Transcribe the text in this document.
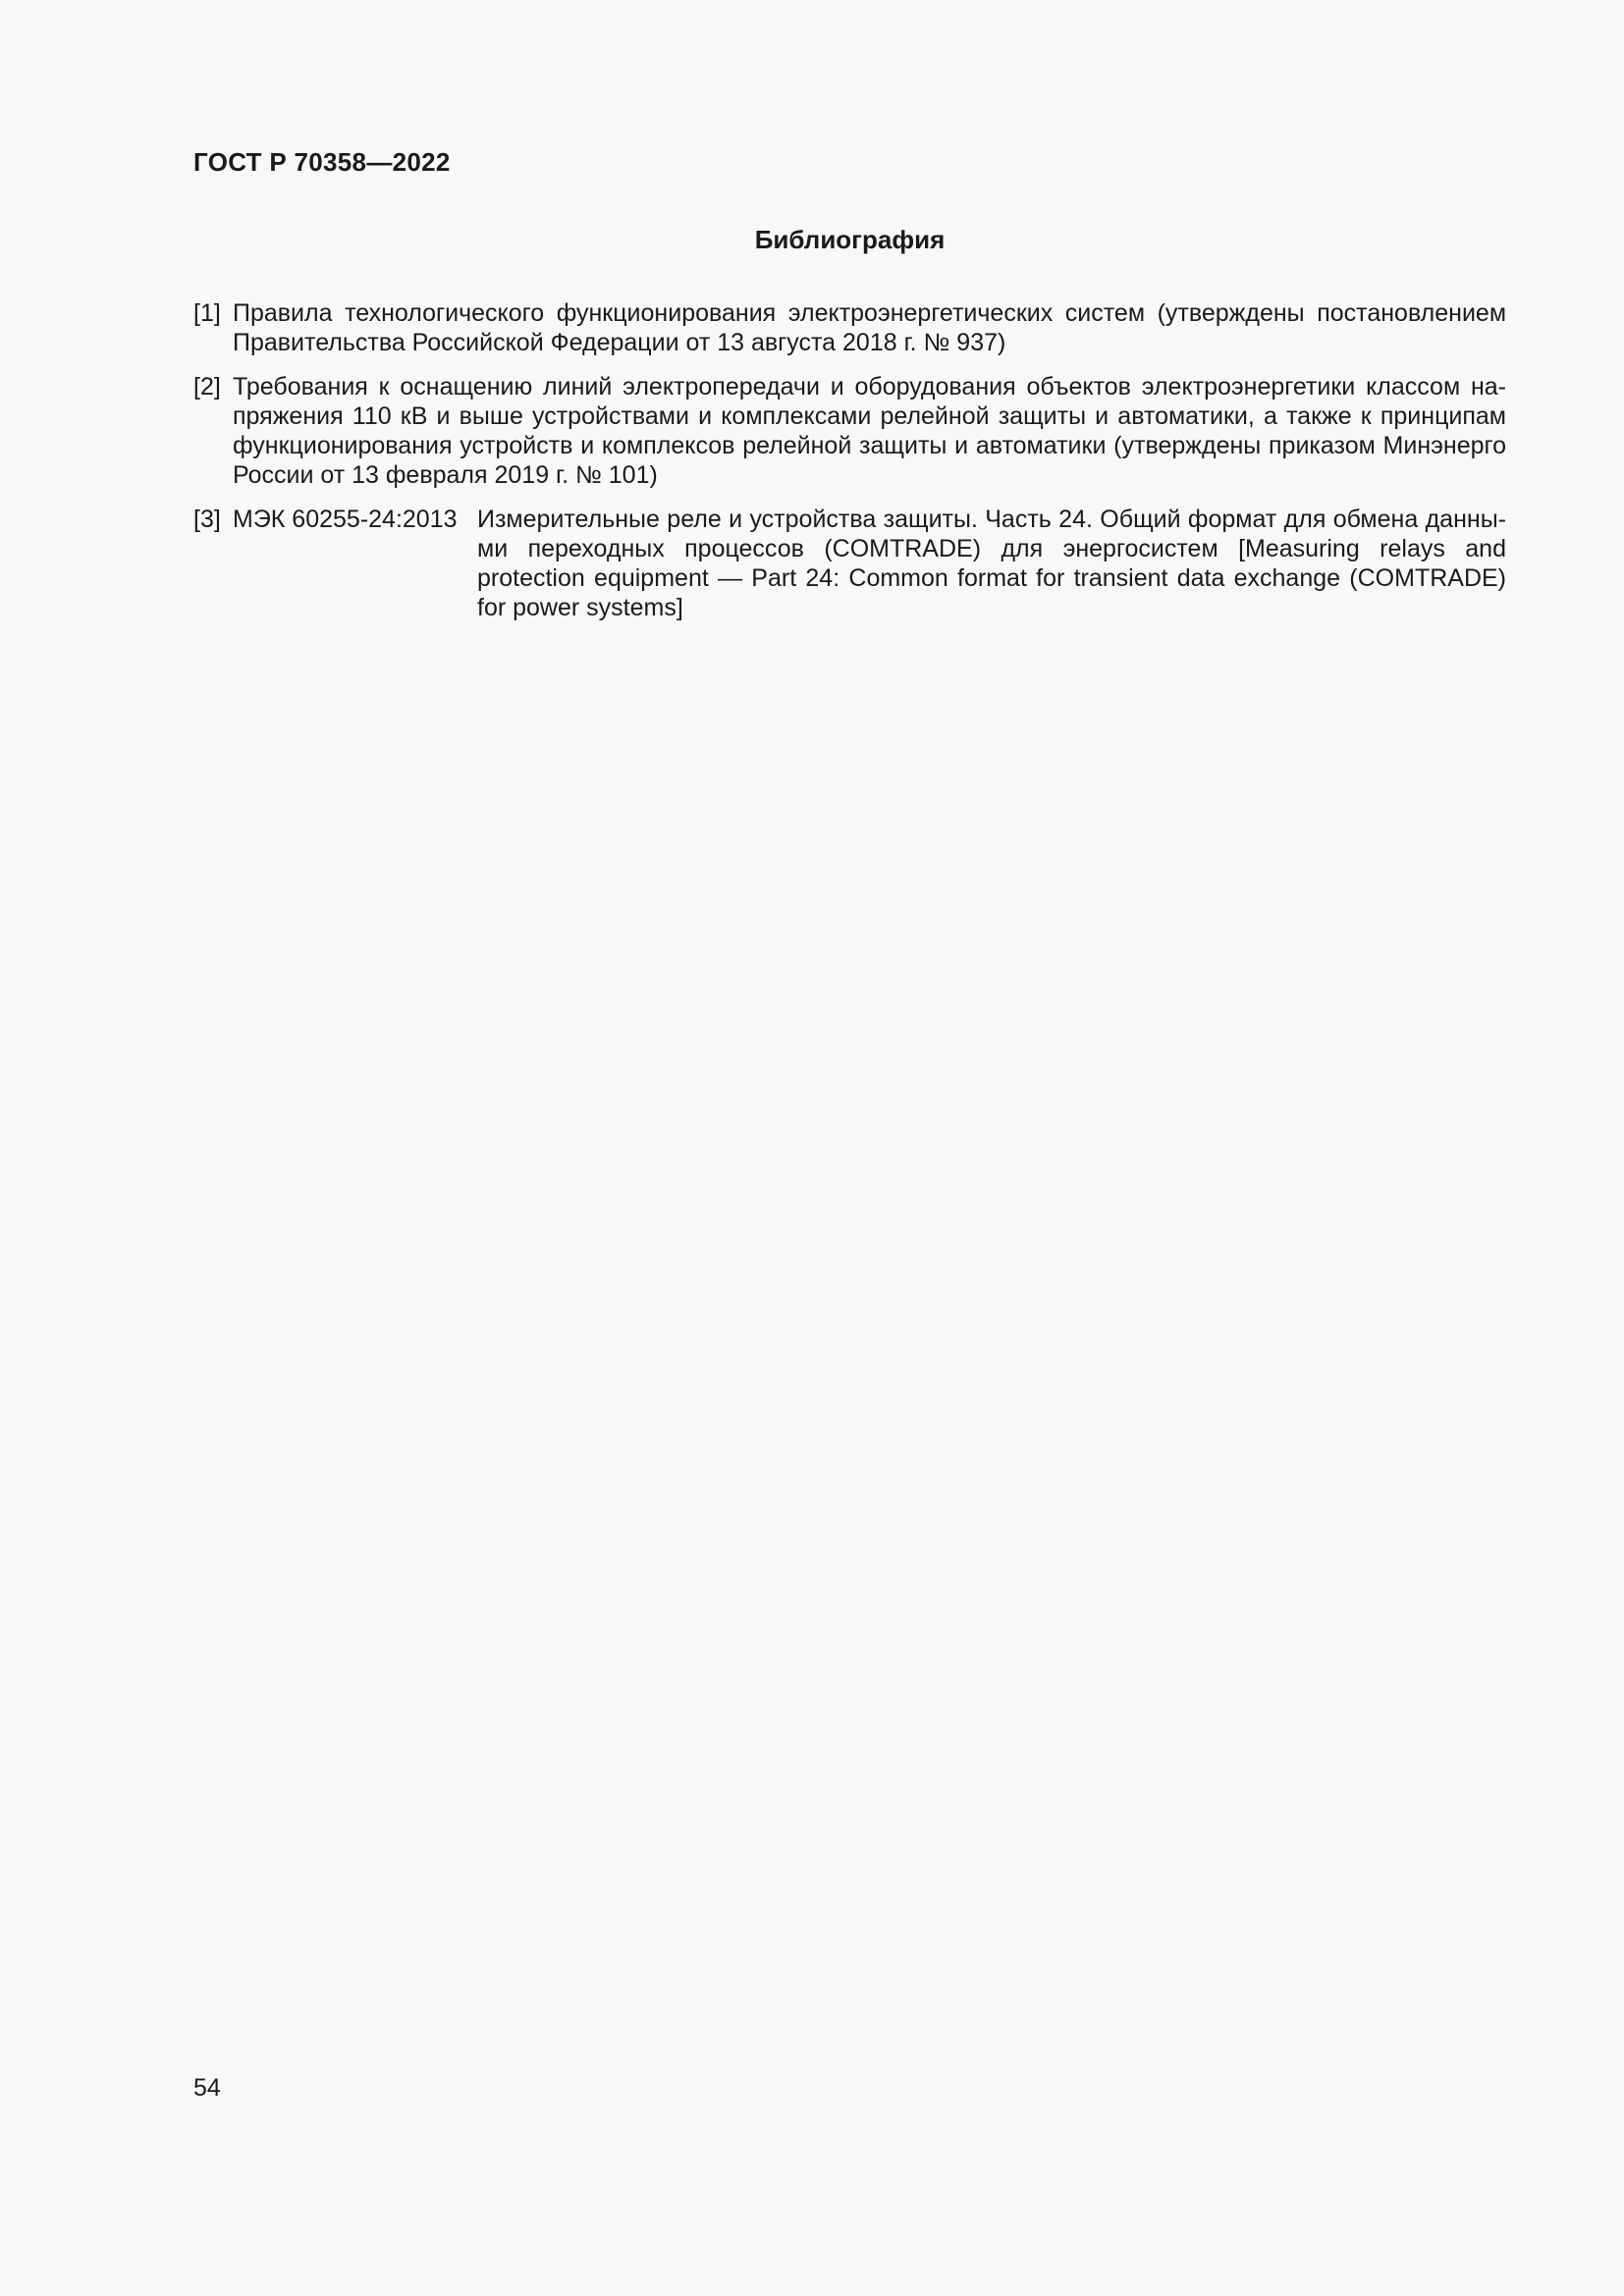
ГОСТ Р 70358—2022
Библиография
[1] Правила технологического функционирования электроэнергетических систем (утверждены постановлением Правительства Российской Федерации от 13 августа 2018 г. № 937)
[2] Требования к оснащению линий электропередачи и оборудования объектов электроэнергетики классом напряжения 110 кВ и выше устройствами и комплексами релейной защиты и автоматики, а также к принципам функционирования устройств и комплексов релейной защиты и автоматики (утверждены приказом Минэнерго России от 13 февраля 2019 г. № 101)
[3] МЭК 60255-24:2013 Измерительные реле и устройства защиты. Часть 24. Общий формат для обмена данными переходных процессов (COMTRADE) для энергосистем [Measuring relays and protection equipment — Part 24: Common format for transient data exchange (COMTRADE) for power systems]
54
